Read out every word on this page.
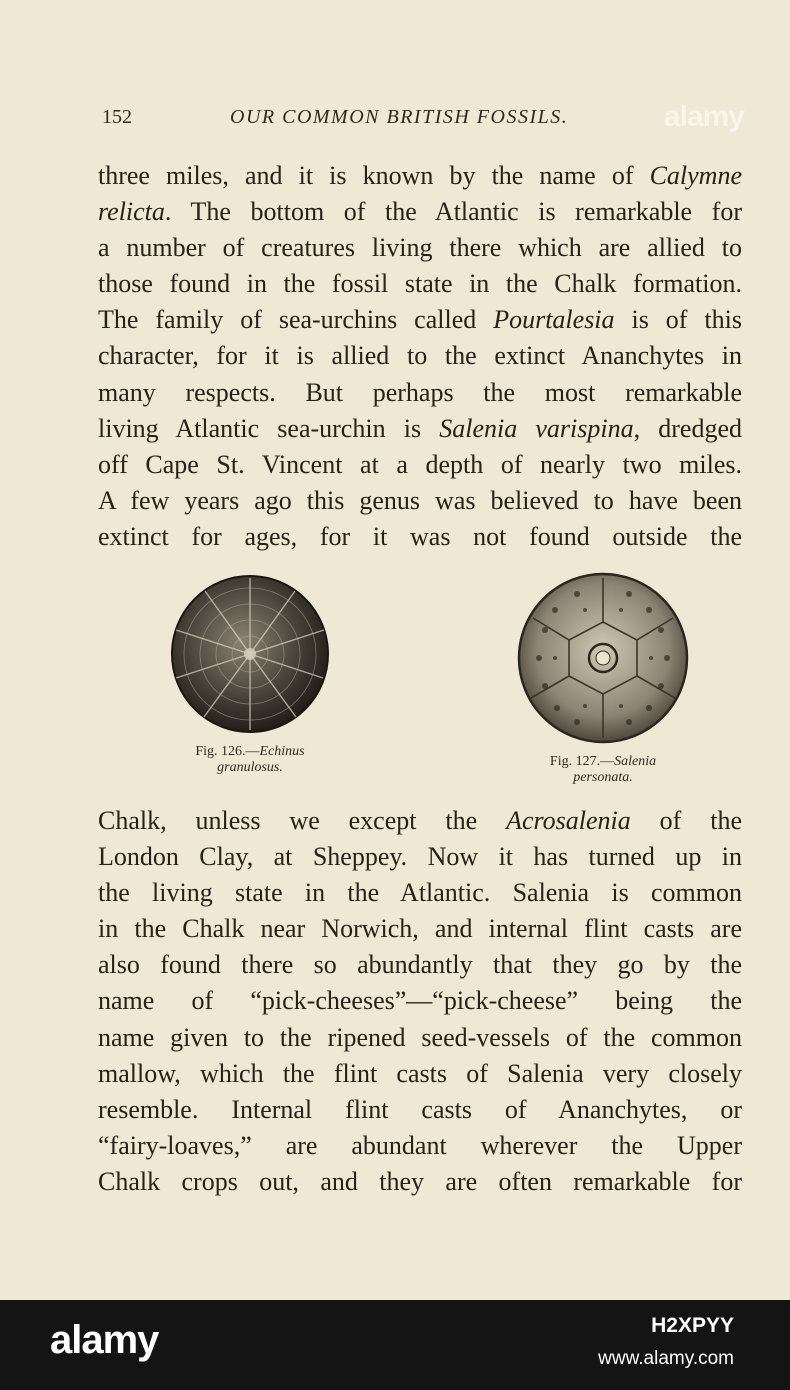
152	OUR COMMON BRITISH FOSSILS.	alamy
three miles, and it is known by the name of Calymne
relicta. The bottom of the Atlantic is remarkable for
a number of creatures living there which are allied to
those found in the fossil state in the Chalk formation.
The family of sea-urchins called Pourtalesia is of this
character, for it is allied to the extinct Ananchytes in
many respects. But perhaps the most remarkable
living Atlantic sea-urchin is Salenia varispina, dredged
off Cape St. Vincent at a depth of nearly two miles.
A few years ago this genus was believed to have been
extinct for ages, for it was not found outside the
Fig. 126.—Echinus
granulosus.	Fig. 127.—Salenia
personata.
Chalk, unless we except the Acrosalenia of the
London Clay, at Sheppey. Now it has turned up in
the living state in the Atlantic. Salenia is common
in the Chalk near Norwich, and internal flint casts are
also found there so abundantly that they go by the
name of “pick-cheeses”—“pick-cheese” being the
name given to the ripened seed-vessels of the common
mallow, which the flint casts of Salenia very closely
resemble. Internal flint casts of Ananchytes, or
“fairy-loaves,” are abundant wherever the Upper
Chalk crops out, and they are often remarkable for
alamy	H2XPYY
www.alamy.com
